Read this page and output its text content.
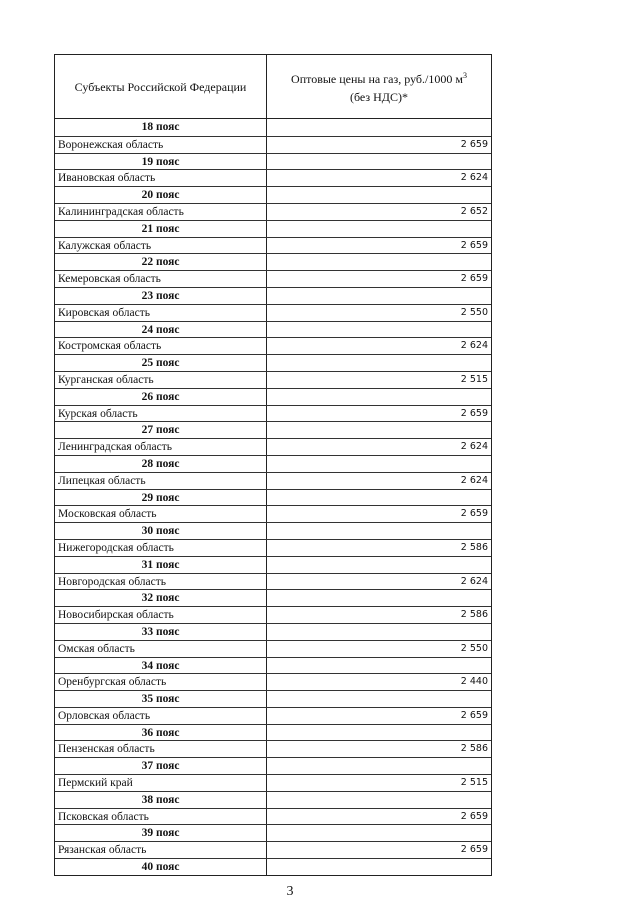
Субъекты Российской Федерации
Оптовые цены на газ, руб./1000 $м^3$
(без НДС)*
18 пояс
Воронежская область	2 659
19 пояс
Ивановская область	2 624
20 пояс
Калининградская область	2 652
21 пояс
Калужская область	2 659
22 пояс
Кемеровская область	2 659
23 пояс
Кировская область	2 550
24 пояс
Костромская область	2 624
25 пояс
Курганская область	2 515
26 пояс
Курская область	2 659
27 пояс
Ленинградская область	2 624
28 пояс
Липецкая область	2 624
29 пояс
Московская область	2 659
30 пояс
Нижегородская область	2 586
31 пояс
Новгородская область	2 624
32 пояс
Новосибирская область	2 586
33 пояс
Омская область	2 550
34 пояс
Оренбургская область	2 440
35 пояс
Орловская область	2 659
36 пояс
Пензенская область	2 586
37 пояс
Пермский край	2 515
38 пояс
Псковская область	2 659
39 пояс
Рязанская область	2 659
40 пояс
3
